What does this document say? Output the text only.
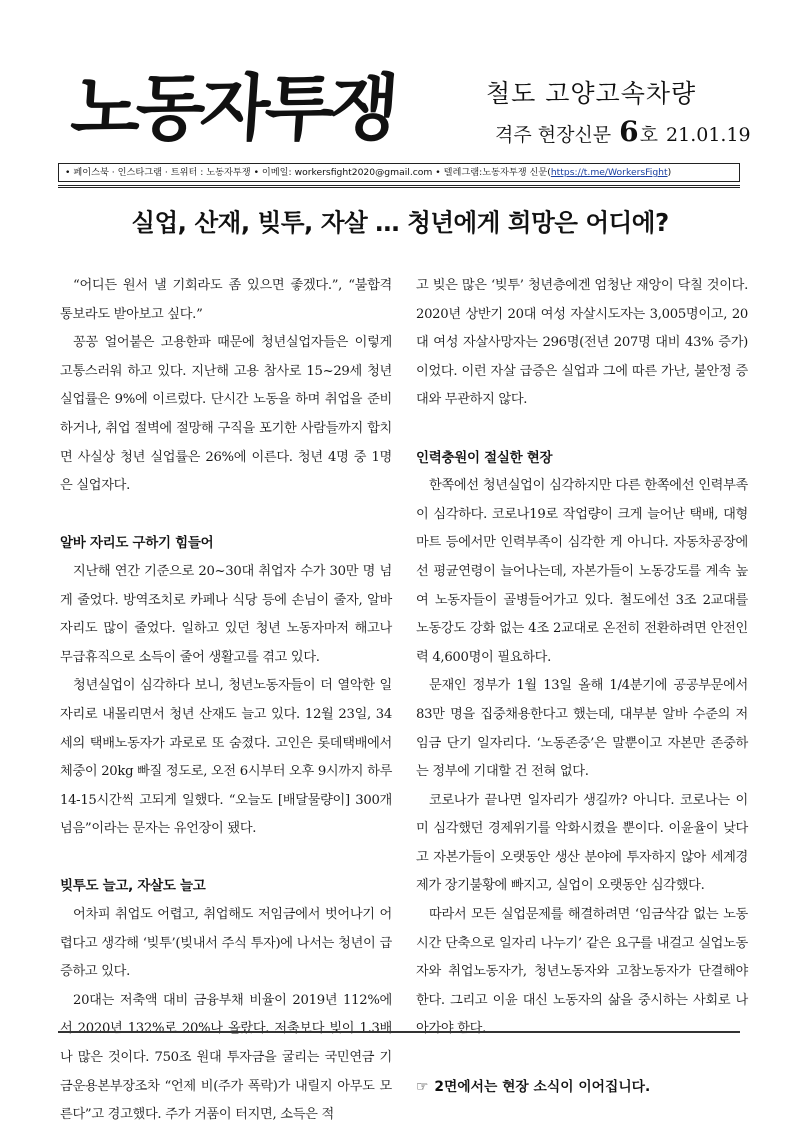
노동자투쟁	철도 고양고속차량
격주 현장신문 6호 21.01.19
• 페이스북 · 인스타그램 · 트위터 : 노동자투쟁 • 이메일: workersfight2020@gmail.com • 텔레그램:노동자투쟁 신문(https://t.me/WorkersFight)
실업, 산재, 빚투, 자살 … 청년에게 희망은 어디에?

“어디든 원서 낼 기회라도 좀 있으면 좋겠다.”, “불합격 통보라도 받아보고 싶다.”

꽁꽁 얼어붙은 고용한파 때문에 청년실업자들은 이렇게 고통스러워 하고 있다. 지난해 고용 참사로 15~29세 청년 실업률은 9%에 이르렀다. 단시간 노동을 하며 취업을 준비하거나, 취업 절벽에 절망해 구직을 포기한 사람들까지 합치면 사실상 청년 실업률은 26%에 이른다. 청년 4명 중 1명은 실업자다.

알바 자리도 구하기 힘들어

지난해 연간 기준으로 20~30대 취업자 수가 30만 명 넘게 줄었다. 방역조치로 카페나 식당 등에 손님이 줄자, 알바 자리도 많이 줄었다. 일하고 있던 청년 노동자마저 해고나 무급휴직으로 소득이 줄어 생활고를 겪고 있다.

청년실업이 심각하다 보니, 청년노동자들이 더 열악한 일자리로 내몰리면서 청년 산재도 늘고 있다. 12월 23일, 34세의 택배노동자가 과로로 또 숨졌다. 고인은 롯데택배에서 체중이 20kg 빠질 정도로, 오전 6시부터 오후 9시까지 하루 14-15시간씩 고되게 일했다. “오늘도 [배달물량이] 300개 넘음”이라는 문자는 유언장이 됐다.

빚투도 늘고, 자살도 늘고

어차피 취업도 어렵고, 취업해도 저임금에서 벗어나기 어렵다고 생각해 ‘빚투’(빚내서 주식 투자)에 나서는 청년이 급증하고 있다.

20대는 저축액 대비 금융부채 비율이 2019년 112%에서 2020년 132%로 20%나 올랐다. 저축보다 빚이 1.3배나 많은 것이다. 750조 원대 투자금을 굴리는 국민연금 기금운용본부장조차 “언제 비(주가 폭락)가 내릴지 아무도 모른다”고 경고했다. 주가 거품이 터지면, 소득은 적

고 빚은 많은 ‘빚투’ 청년층에겐 엄청난 재앙이 닥칠 것이다. 2020년 상반기 20대 여성 자살시도자는 3,005명이고, 20대 여성 자살사망자는 296명(전년 207명 대비 43% 증가)이었다. 이런 자살 급증은 실업과 그에 따른 가난, 불안정 증대와 무관하지 않다.

인력충원이 절실한 현장

한쪽에선 청년실업이 심각하지만 다른 한쪽에선 인력부족이 심각하다. 코로나19로 작업량이 크게 늘어난 택배, 대형마트 등에서만 인력부족이 심각한 게 아니다. 자동차공장에선 평균연령이 늘어나는데, 자본가들이 노동강도를 계속 높여 노동자들이 골병들어가고 있다. 철도에선 3조 2교대를 노동강도 강화 없는 4조 2교대로 온전히 전환하려면 안전인력 4,600명이 필요하다.

문재인 정부가 1월 13일 올해 1/4분기에 공공부문에서 83만 명을 집중채용한다고 했는데, 대부분 알바 수준의 저임금 단기 일자리다. ‘노동존중’은 말뿐이고 자본만 존중하는 정부에 기대할 건 전혀 없다.

코로나가 끝나면 일자리가 생길까? 아니다. 코로나는 이미 심각했던 경제위기를 악화시켰을 뿐이다. 이윤율이 낮다고 자본가들이 오랫동안 생산 분야에 투자하지 않아 세계경제가 장기불황에 빠지고, 실업이 오랫동안 심각했다.

따라서 모든 실업문제를 해결하려면 ‘임금삭감 없는 노동시간 단축으로 일자리 나누기’ 같은 요구를 내걸고 실업노동자와 취업노동자가, 청년노동자와 고참노동자가 단결해야 한다. 그리고 이윤 대신 노동자의 삶을 중시하는 사회로 나아가야 한다.

☞ 2면에서는 현장 소식이 이어집니다.
